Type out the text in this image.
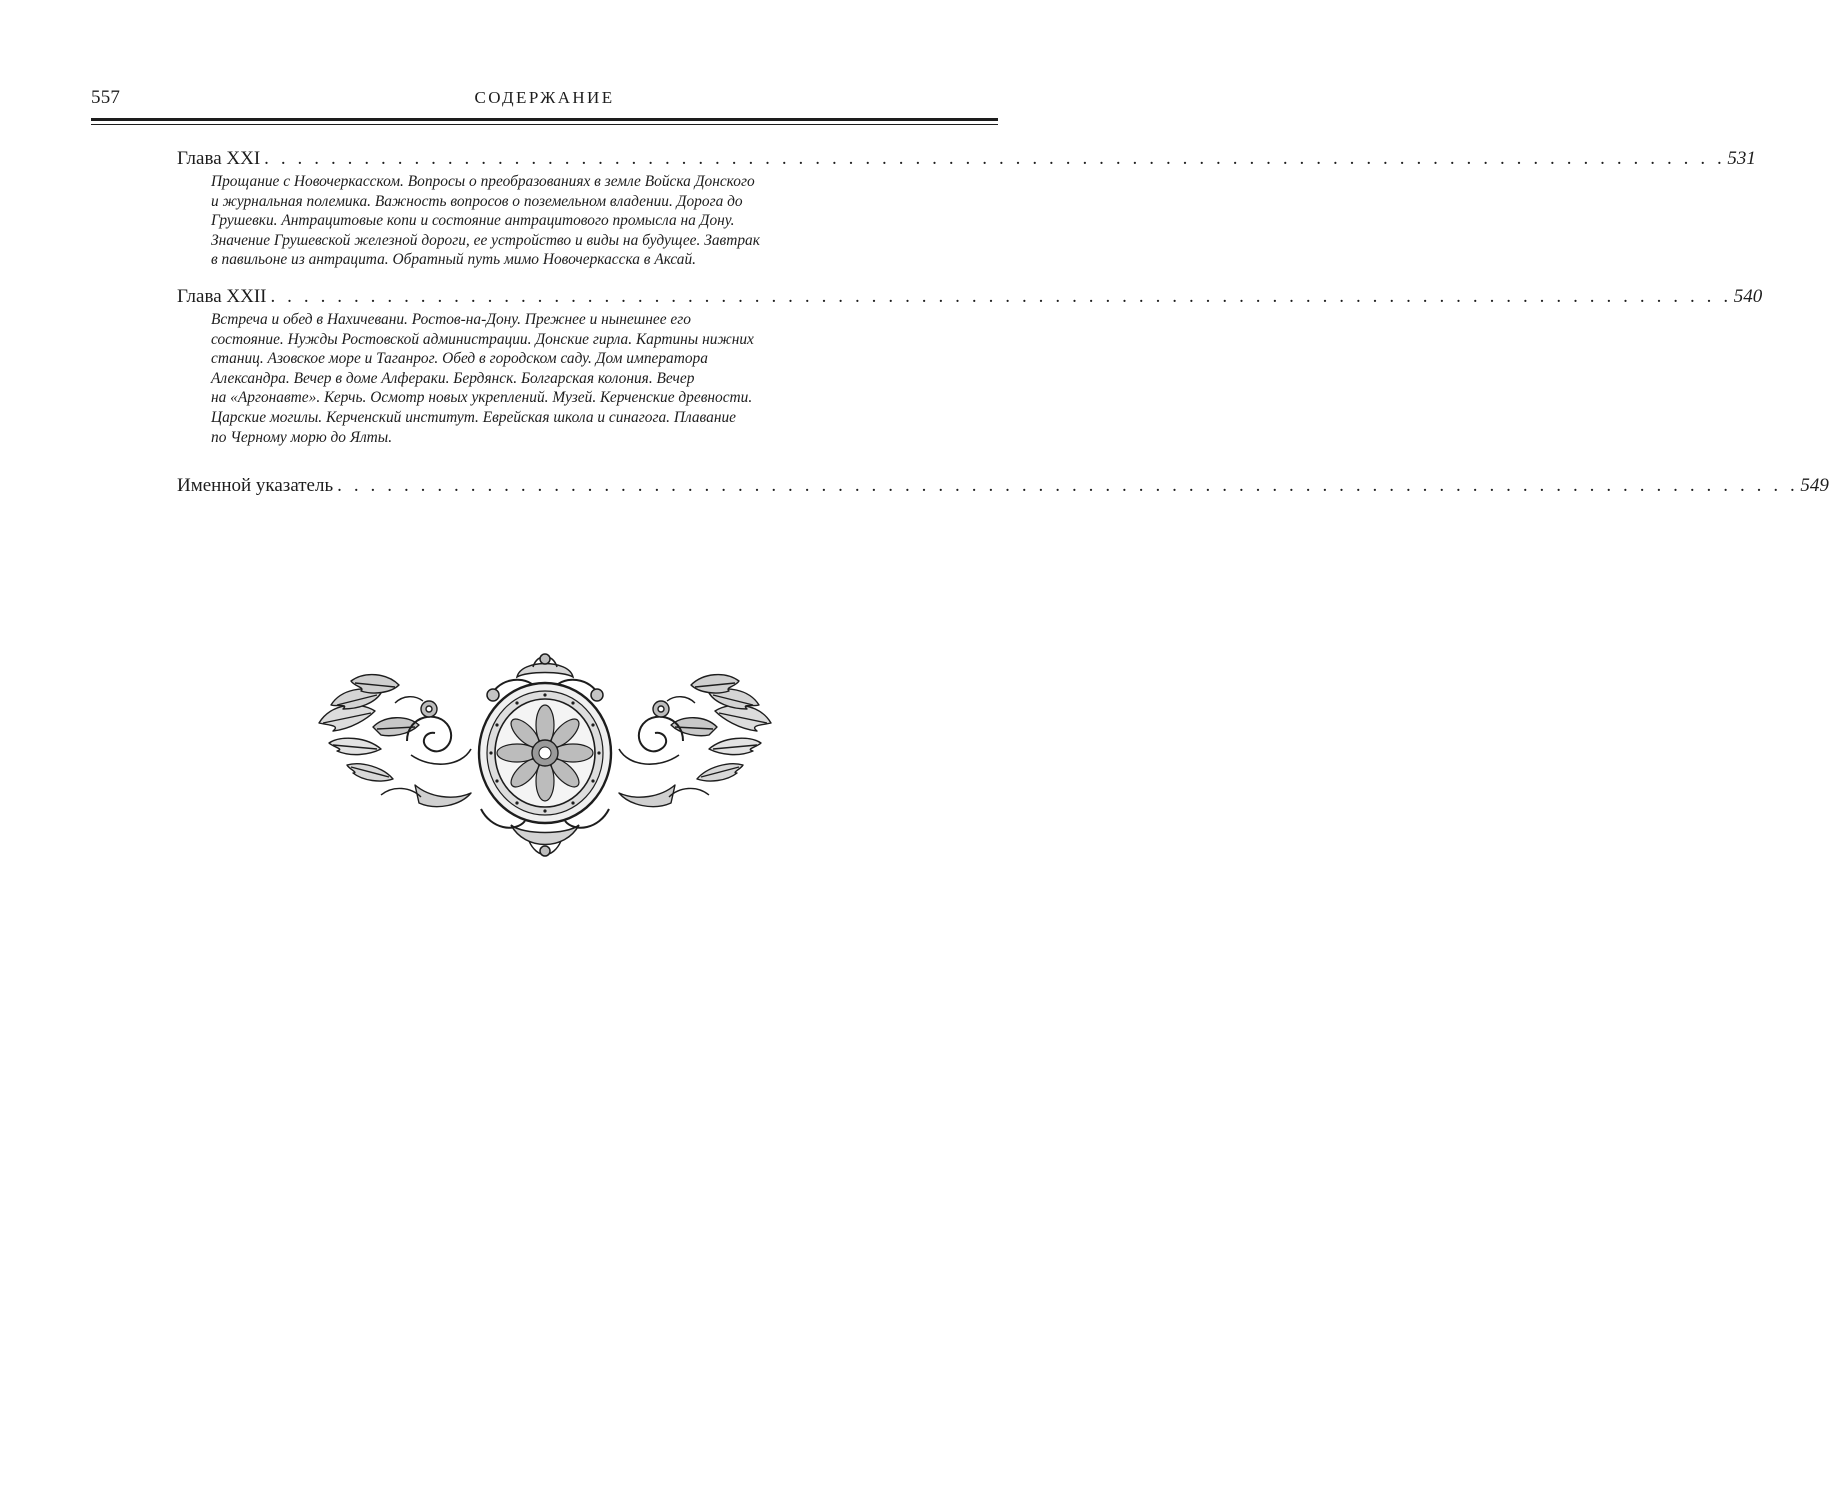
557	СОДЕРЖАНИЕ
Глава XXI . . . . . . . . . . . . . . . . . . . . . . . . . . . . . . . . . . . . . . . . . . . . . . . . . . . . . . . . . . . . . . . . . . . . . . . . . . . . . . . . . . . . . . . . 531
Прощание с Новочеркасском. Вопросы о преобразованиях в земле Войска Донского
и журнальная полемика. Важность вопросов о поземельном владении. Дорога до
Грушевки. Антрацитовые копи и состояние антрацитового промысла на Дону.
Значение Грушевской железной дороги, ее устройство и виды на будущее. Завтрак
в павильоне из антрацита. Обратный путь мимо Новочеркасска в Аксай.
Глава XXII . . . . . . . . . . . . . . . . . . . . . . . . . . . . . . . . . . . . . . . . . . . . . . . . . . . . . . . . . . . . . . . . . . . . . . . . . . . . . . . . . . . . . . . . 540
Встреча и обед в Нахичевани. Ростов-на-Дону. Прежнее и нынешнее его
состояние. Нужды Ростовской администрации. Донские гирла. Картины нижних
станиц. Азовское море и Таганрог. Обед в городском саду. Дом императора
Александра. Вечер в доме Алфераки. Бердянск. Болгарская колония. Вечер
на «Аргонавте». Керчь. Осмотр новых укреплений. Музей. Керченские древности.
Царские могилы. Керченский институт. Еврейская школа и синагога. Плавание
по Черному морю до Ялты.
Именной указатель . . . . . . . . . . . . . . . . . . . . . . . . . . . . . . . . . . . . . . . . . . . . . . . . . . . . . . . . . . . . . . . . . . . . . . . . . . . . . . . . . . . . . . . . 549
